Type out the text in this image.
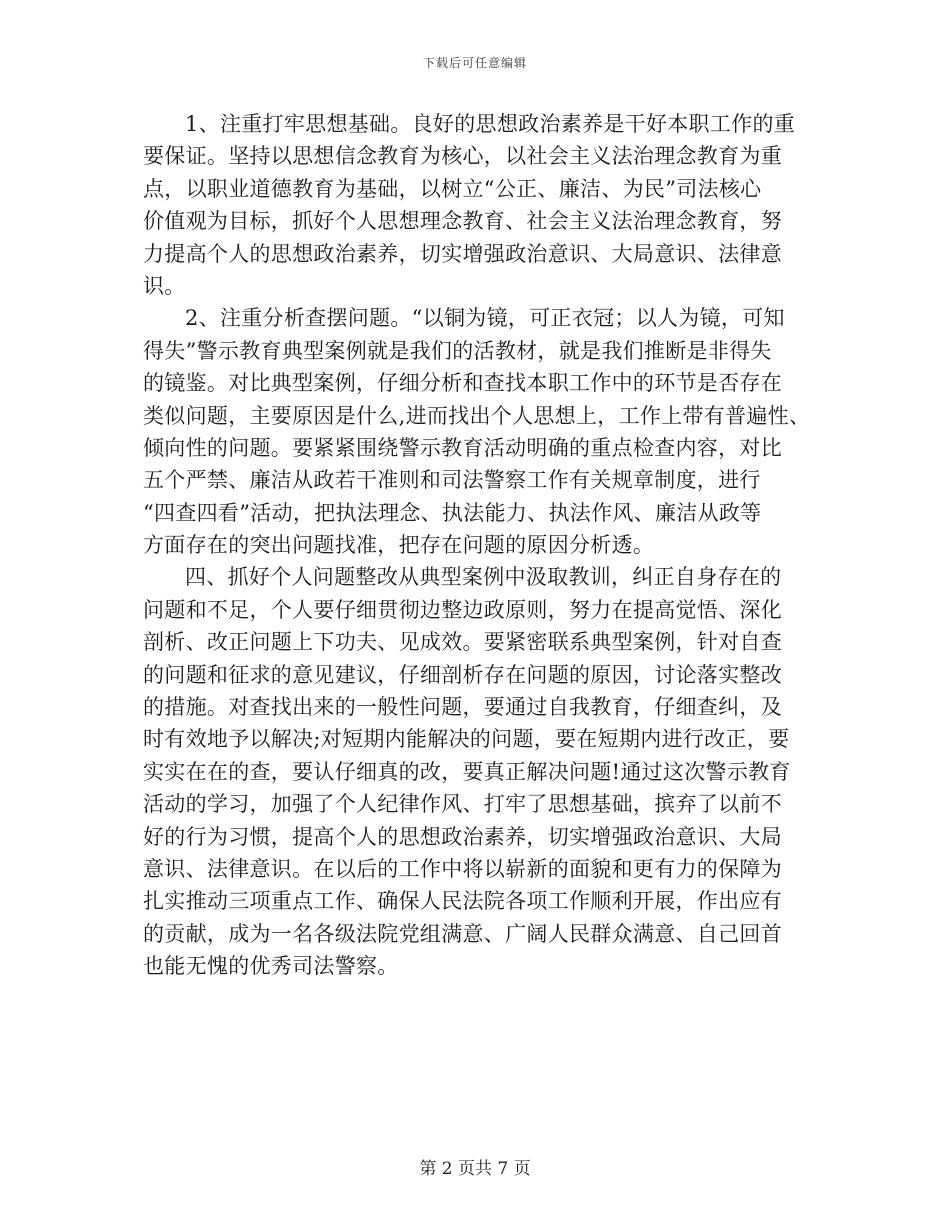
下载后可任意编辑
1、注重打牢思想基础。良好的思想政治素养是干好本职工作的重
要保证。坚持以思想信念教育为核心，以社会主义法治理念教育为重
点，以职业道德教育为基础，以树立“公正、廉洁、为民”司法核心
价值观为目标，抓好个人思想理念教育、社会主义法治理念教育，努
力提高个人的思想政治素养，切实增强政治意识、大局意识、法律意
识。
2、注重分析查摆问题。“以铜为镜，可正衣冠；以人为镜，可知
得失”警示教育典型案例就是我们的活教材，就是我们推断是非得失
的镜鉴。对比典型案例，仔细分析和查找本职工作中的环节是否存在
类似问题，主要原因是什么,进而找出个人思想上，工作上带有普遍性、
倾向性的问题。要紧紧围绕警示教育活动明确的重点检查内容，对比
五个严禁、廉洁从政若干准则和司法警察工作有关规章制度，进行
“四查四看”活动，把执法理念、执法能力、执法作风、廉洁从政等
方面存在的突出问题找准，把存在问题的原因分析透。
四、抓好个人问题整改从典型案例中汲取教训，纠正自身存在的
问题和不足，个人要仔细贯彻边整边政原则，努力在提高觉悟、深化
剖析、改正问题上下功夫、见成效。要紧密联系典型案例，针对自查
的问题和征求的意见建议，仔细剖析存在问题的原因，讨论落实整改
的措施。对查找出来的一般性问题，要通过自我教育，仔细查纠，及
时有效地予以解决;对短期内能解决的问题，要在短期内进行改正，要
实实在在的查，要认仔细真的改，要真正解决问题!通过这次警示教育
活动的学习，加强了个人纪律作风、打牢了思想基础，摈弃了以前不
好的行为习惯，提高个人的思想政治素养，切实增强政治意识、大局
意识、法律意识。在以后的工作中将以崭新的面貌和更有力的保障为
扎实推动三项重点工作、确保人民法院各项工作顺利开展，作出应有
的贡献，成为一名各级法院党组满意、广阔人民群众满意、自己回首
也能无愧的优秀司法警察。
第 2 页共 7 页
